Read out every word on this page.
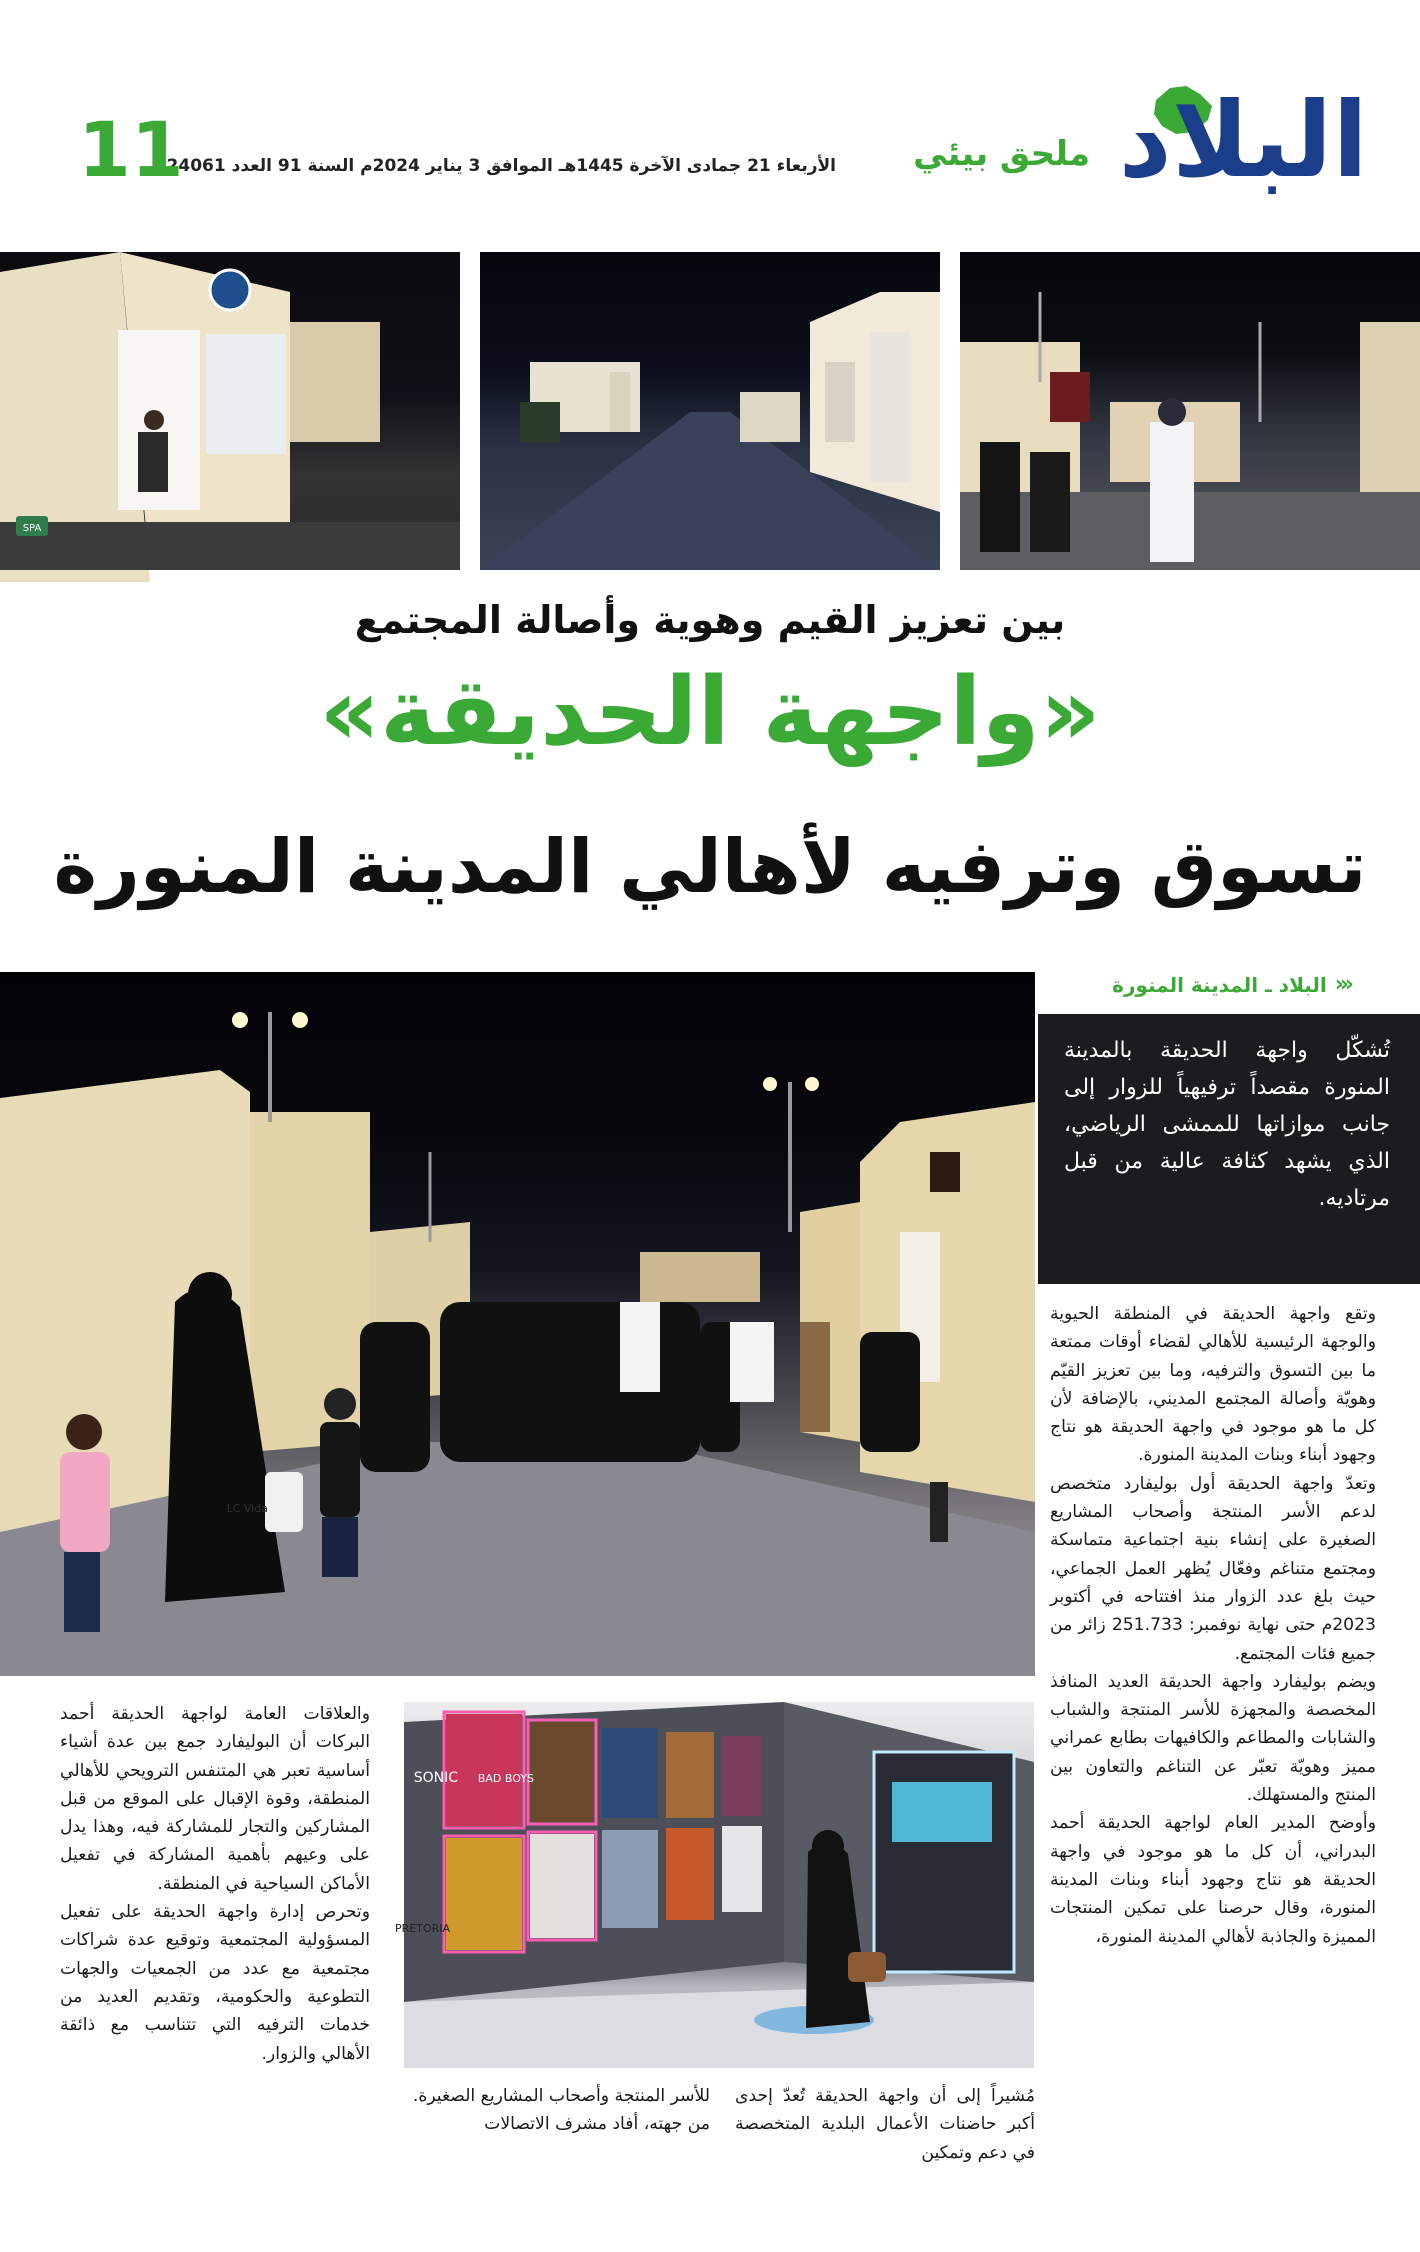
البلاد
ملحق بيئي
الأربعاء 21 جمادى الآخرة 1445هـ الموافق 3 يناير 2024م السنة 91 العدد 24061
11
SPA
بين تعزيز القيم وهوية وأصالة المجتمع
«واجهة الحديقة»
تسوق وترفيه لأهالي المدينة المنورة
‹‹‹
البلاد ـ المدينة المنورة
LC Vida
تُشكّل واجهة الحديقة بالمدينة المنورة مقصداً ترفيهياً للزوار إلى جانب موازاتها للممشى الرياضي، الذي يشهد كثافة عالية من قبل مرتاديه.

وتقع واجهة الحديقة في المنطقة الحيوية والوجهة الرئيسية للأهالي لقضاء أوقات ممتعة ما بين التسوق والترفيه، وما بين تعزيز القيّم وهويّة وأصالة المجتمع المديني، بالإضافة لأن كل ما هو موجود في واجهة الحديقة هو نتاج وجهود أبناء وبنات المدينة المنورة.

وتعدّ واجهة الحديقة أول بوليفارد متخصص لدعم الأسر المنتجة وأصحاب المشاريع الصغيرة على إنشاء بنية اجتماعية متماسكة ومجتمع متناغم وفعّال يُظهر العمل الجماعي، حيث بلغ عدد الزوار منذ افتتاحه في أكتوبر 2023م حتى نهاية نوفمبر: 251.733 زائر من جميع فئات المجتمع.

ويضم بوليفارد واجهة الحديقة العديد المنافذ المخصصة والمجهزة للأسر المنتجة والشباب والشابات والمطاعم والكافيهات بطابع عمراني مميز وهويّة تعبّر عن التناغم والتعاون بين المنتج والمستهلك.

وأوضح المدير العام لواجهة الحديقة أحمد البدراني، أن كل ما هو موجود في واجهة الحديقة هو نتاج وجهود أبناء وبنات المدينة المنورة، وقال حرصنا على تمكين المنتجات المميزة والجاذبة لأهالي المدينة المنورة،

SONIC BAD BOYS
PRETORIA

مُشيراً إلى أن واجهة الحديقة تُعدّ إحدى أكبر حاضنات الأعمال البلدية المتخصصة في دعم وتمكين

للأسر المنتجة وأصحاب المشاريع الصغيرة.

من جهته، أفاد مشرف الاتصالات

والعلاقات العامة لواجهة الحديقة أحمد البركات أن البوليفارد جمع بين عدة أشياء أساسية تعبر هي المتنفس الترويحي للأهالي المنطقة، وقوة الإقبال على الموقع من قبل المشاركين والتجار للمشاركة فيه، وهذا يدل على وعيهم بأهمية المشاركة في تفعيل الأماكن السياحية في المنطقة.

وتحرص إدارة واجهة الحديقة على تفعيل المسؤولية المجتمعية وتوقيع عدة شراكات مجتمعية مع عدد من الجمعيات والجهات التطوعية والحكومية، وتقديم العديد من خدمات الترفيه التي تتناسب مع ذائقة الأهالي والزوار.
